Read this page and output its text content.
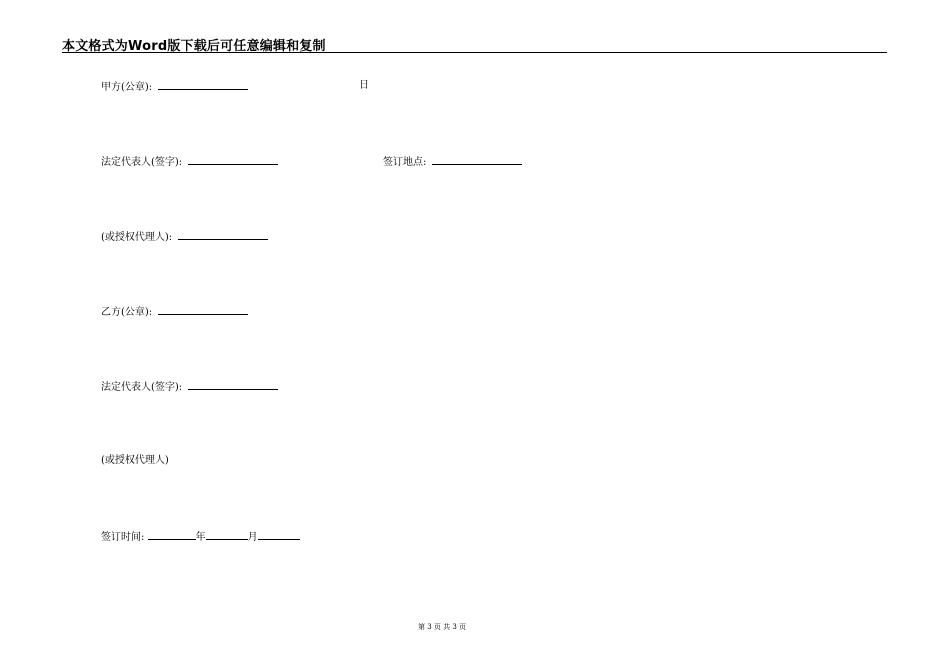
本文格式为Word版下载后可任意编辑和复制
甲方(公章):	日
法定代表人(签字):	签订地点:
(或授权代理人):
乙方(公章):
法定代表人(签字):
(或授权代理人)
签订时间:	年	月
第 3 页 共 3 页
